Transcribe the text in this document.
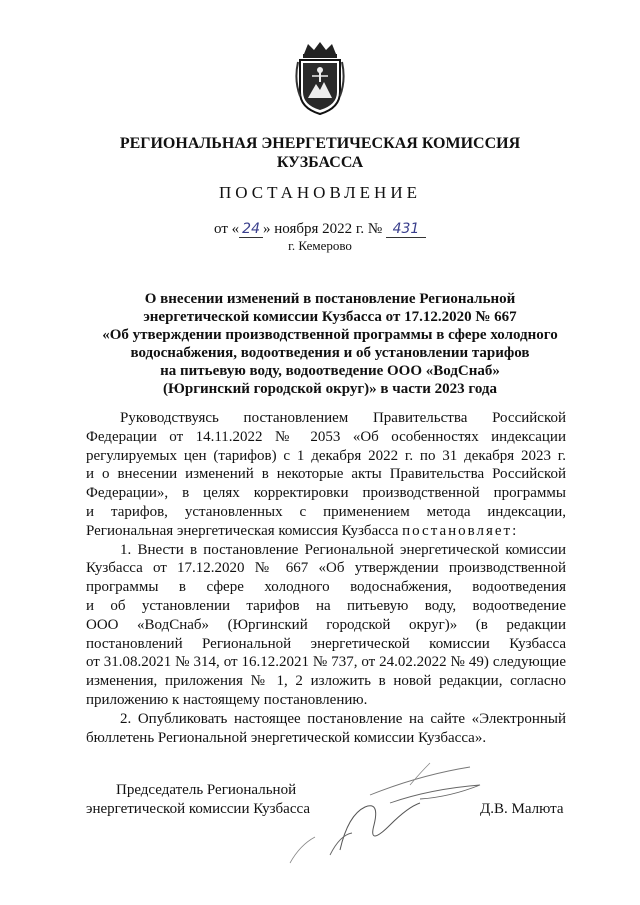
РЕГИОНАЛЬНАЯ ЭНЕРГЕТИЧЕСКАЯ КОМИССИЯ
КУЗБАССА
ПОСТАНОВЛЕНИЕ
от « 24 » ноября 2022 г. № 431
г. Кемерово
О внесении изменений в постановление Региональной
энергетической комиссии Кузбасса от 17.12.2020 № 667
«Об утверждении производственной программы в сфере холодного
водоснабжения, водоотведения и об установлении тарифов
на питьевую воду, водоотведение ООО «ВодСнаб»
(Юргинский городской округ)» в части 2023 года
Руководствуясь постановлением Правительства Российской
Федерации от 14.11.2022 № 2053 «Об особенностях индексации
регулируемых цен (тарифов) с 1 декабря 2022 г. по 31 декабря 2023 г.
и о внесении изменений в некоторые акты Правительства Российской
Федерации», в целях корректировки производственной программы
и тарифов, установленных с применением метода индексации,
Региональная энергетическая комиссия Кузбасса постановляет:
1. Внести в постановление Региональной энергетической комиссии
Кузбасса от 17.12.2020 № 667 «Об утверждении производственной
программы в сфере холодного водоснабжения, водоотведения
и об установлении тарифов на питьевую воду, водоотведение
ООО «ВодСнаб» (Юргинский городской округ)» (в редакции
постановлений Региональной энергетической комиссии Кузбасса
от 31.08.2021 № 314, от 16.12.2021 № 737, от 24.02.2022 № 49) следующие
изменения, приложения № 1, 2 изложить в новой редакции, согласно
приложению к настоящему постановлению.
2. Опубликовать настоящее постановление на сайте «Электронный
бюллетень Региональной энергетической комиссии Кузбасса».
Председатель Региональной
энергетической комиссии Кузбасса	Д.В. Малюта
